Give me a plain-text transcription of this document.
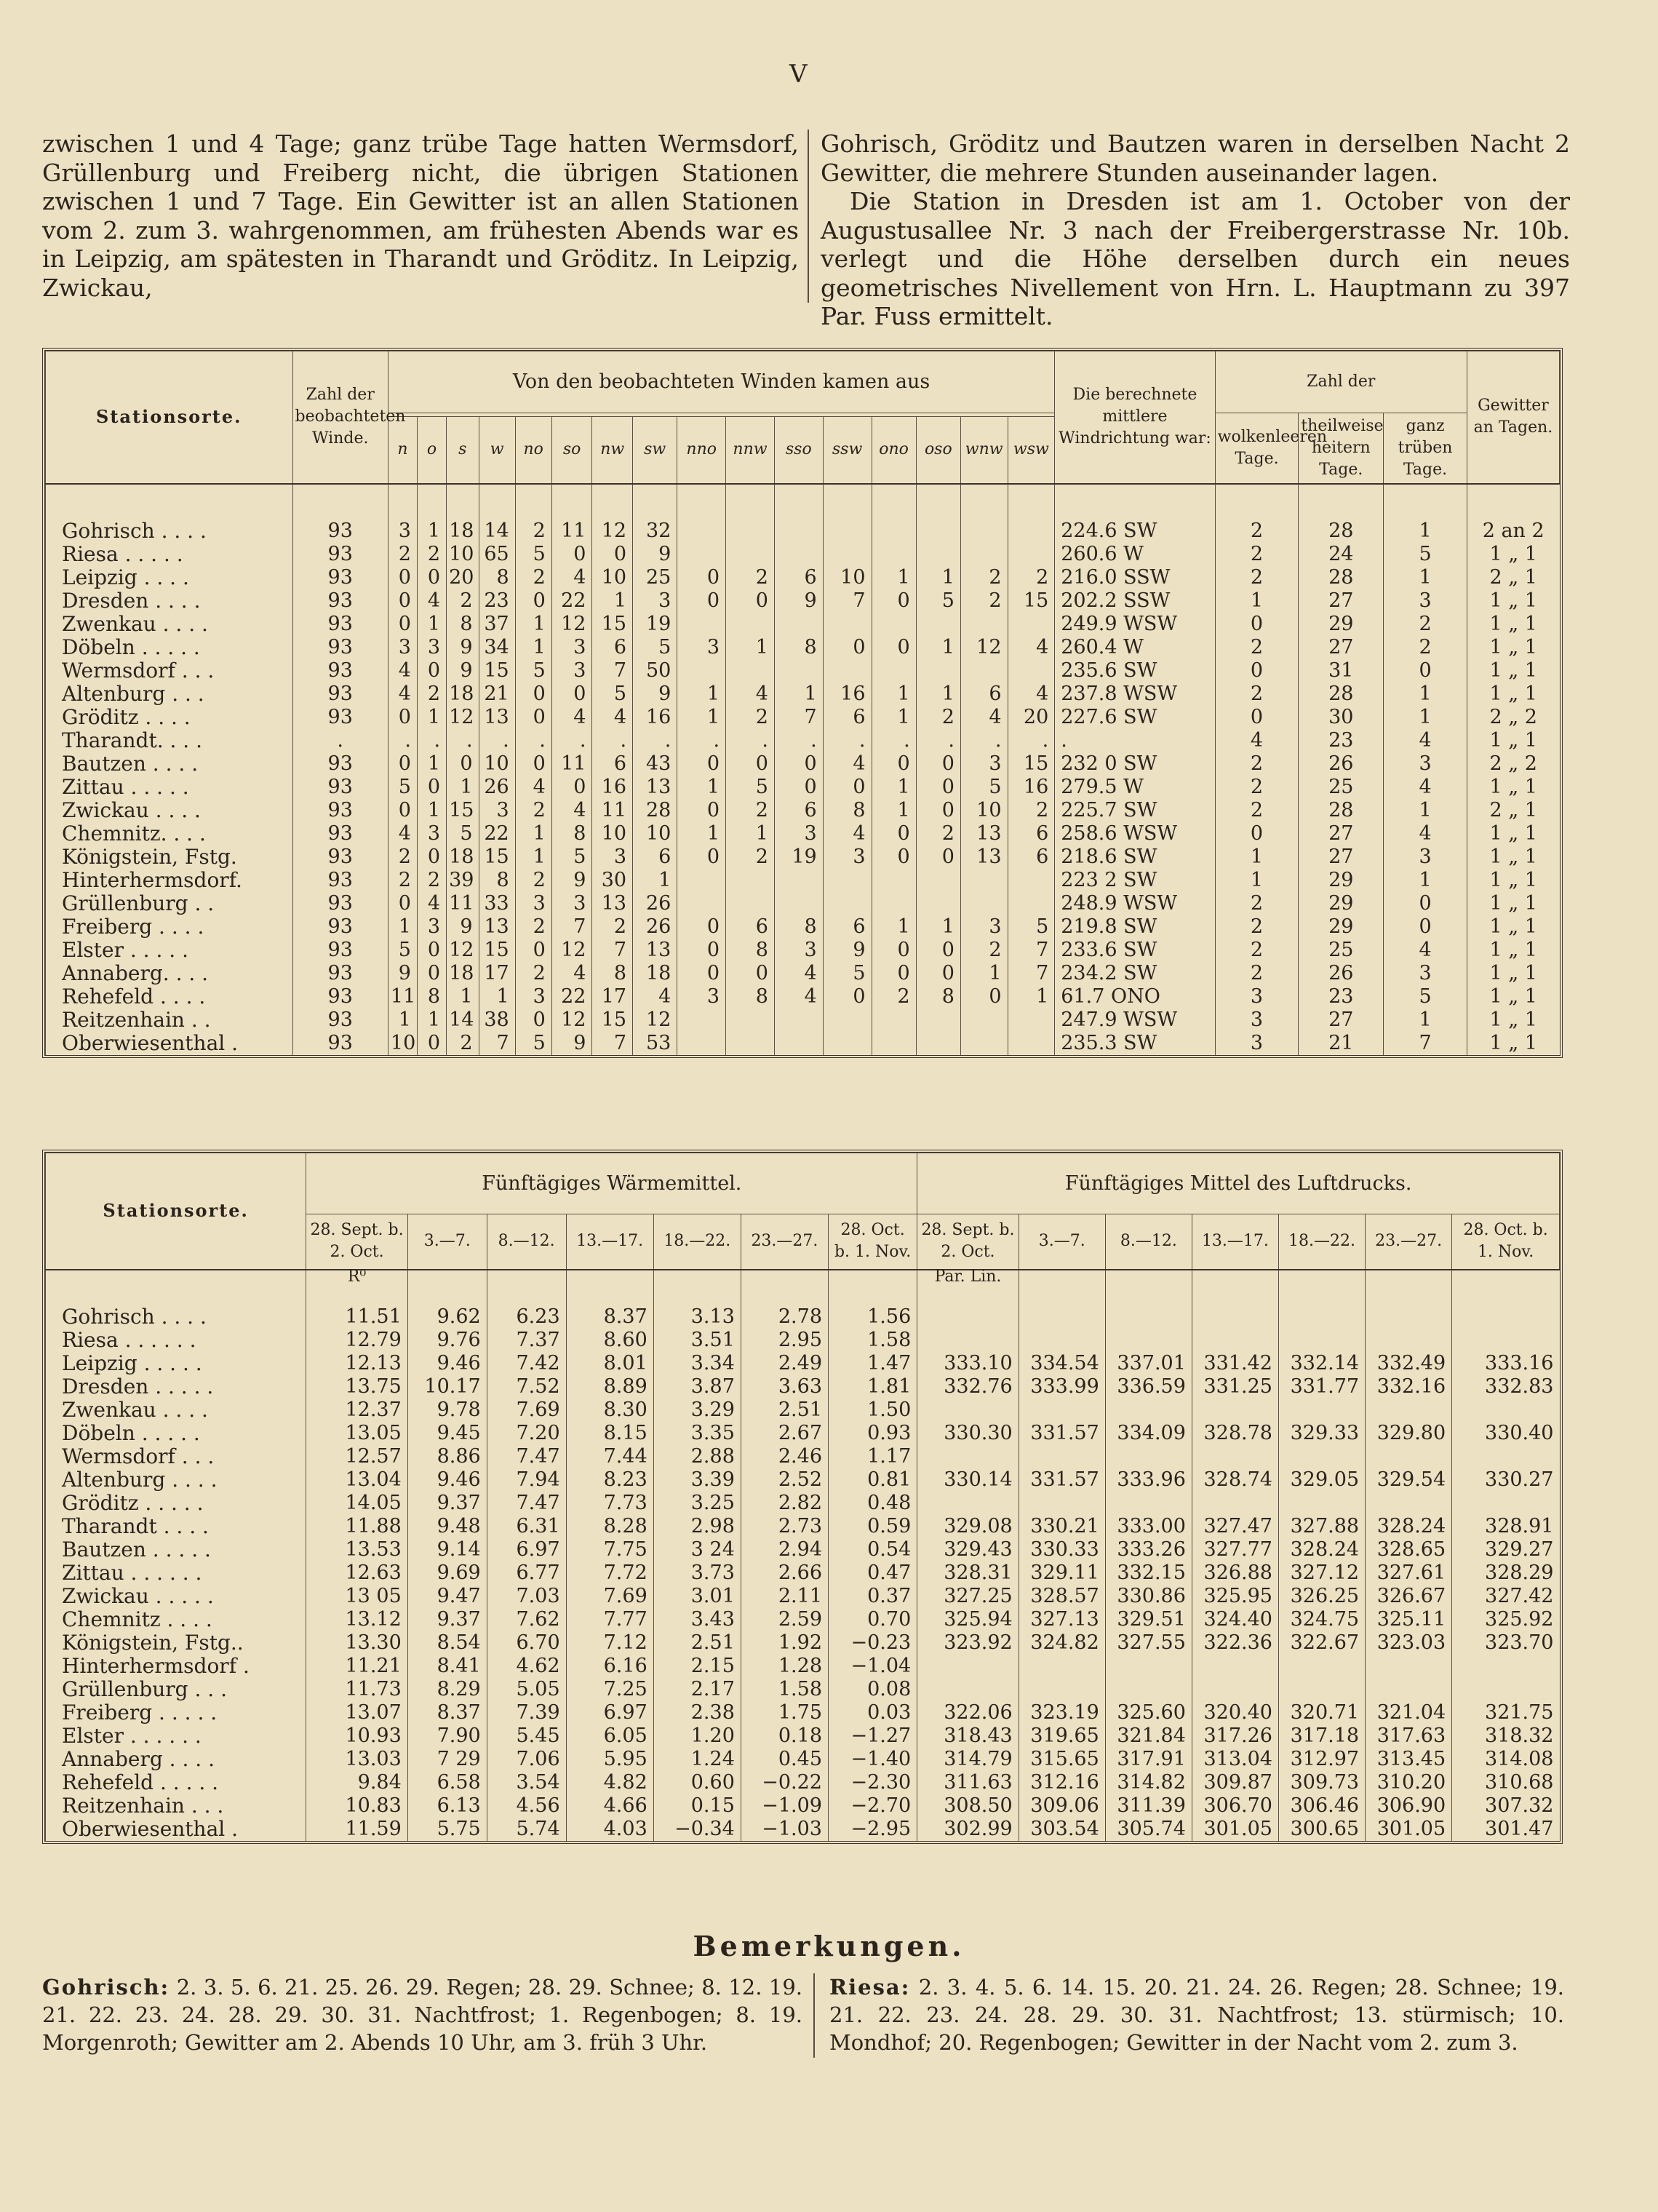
V

zwischen 1 und 4 Tage; ganz trübe Tage hatten Wermsdorf, Grüllenburg und Freiberg nicht, die übrigen Stationen zwischen 1 und 7 Tage. Ein Gewitter ist an allen Stationen vom 2. zum 3. wahrgenommen, am frühesten Abends war es in Leipzig, am spätesten in Tharandt und Gröditz. In Leipzig, Zwickau,

Gohrisch, Gröditz und Bautzen waren in derselben Nacht 2 Gewitter, die mehrere Stunden auseinander lagen.

Die Station in Dresden ist am 1. October von der Augustusallee Nr. 3 nach der Freibergerstrasse Nr. 10b. verlegt und die Höhe derselben durch ein neues geometrisches Nivellement von Hrn. L. Hauptmann zu 397 Par. Fuss ermittelt.

Stationsorte.	Zahl der beobachteten Winde.	Von den beobachteten Winden kamen aus																Die berechnete mittlere Windrichtung war:	Zahl der			Gewitter an Tagen.
																			wolkenleeren Tage.	theilweise heitern Tage.	ganz trüben Tage.	
		n	o	s	w	no	so	nw	sw	nno	nnw	sso	ssw	ono	oso	wnw	wsw					

Gohrisch . . . .	93	3	1	18	14	2	11	12	32									224.6 SW	2	28	1	2 an 2
Riesa . . . . .	93	2	2	10	65	5	0	0	9									260.6 W	2	24	5	1 „ 1
Leipzig . . . .	93	0	0	20	8	2	4	10	25	0	2	6	10	1	1	2	2	216.0 SSW	2	28	1	2 „ 1
Dresden . . . .	93	0	4	2	23	0	22	1	3	0	0	9	7	0	5	2	15	202.2 SSW	1	27	3	1 „ 1
Zwenkau . . . .	93	0	1	8	37	1	12	15	19									249.9 WSW	0	29	2	1 „ 1
Döbeln . . . . .	93	3	3	9	34	1	3	6	5	3	1	8	0	0	1	12	4	260.4 W	2	27	2	1 „ 1
Wermsdorf . . .	93	4	0	9	15	5	3	7	50									235.6 SW	0	31	0	1 „ 1
Altenburg . . .	93	4	2	18	21	0	0	5	9	1	4	1	16	1	1	6	4	237.8 WSW	2	28	1	1 „ 1
Gröditz . . . .	93	0	1	12	13	0	4	4	16	1	2	7	6	1	2	4	20	227.6 SW	0	30	1	2 „ 2
Tharandt. . . .	.	.	.	.	.	.	.	.	.	.	.	.	.	.	.	.	.	.	4	23	4	1 „ 1
Bautzen . . . .	93	0	1	0	10	0	11	6	43	0	0	0	4	0	0	3	15	232 0 SW	2	26	3	2 „ 2
Zittau . . . . .	93	5	0	1	26	4	0	16	13	1	5	0	0	1	0	5	16	279.5 W	2	25	4	1 „ 1
Zwickau . . . .	93	0	1	15	3	2	4	11	28	0	2	6	8	1	0	10	2	225.7 SW	2	28	1	2 „ 1
Chemnitz. . . .	93	4	3	5	22	1	8	10	10	1	1	3	4	0	2	13	6	258.6 WSW	0	27	4	1 „ 1
Königstein, Fstg.	93	2	0	18	15	1	5	3	6	0	2	19	3	0	0	13	6	218.6 SW	1	27	3	1 „ 1
Hinterhermsdorf.	93	2	2	39	8	2	9	30	1									223 2 SW	1	29	1	1 „ 1
Grüllenburg . .	93	0	4	11	33	3	3	13	26									248.9 WSW	2	29	0	1 „ 1
Freiberg . . . .	93	1	3	9	13	2	7	2	26	0	6	8	6	1	1	3	5	219.8 SW	2	29	0	1 „ 1
Elster . . . . .	93	5	0	12	15	0	12	7	13	0	8	3	9	0	0	2	7	233.6 SW	2	25	4	1 „ 1
Annaberg. . . .	93	9	0	18	17	2	4	8	18	0	0	4	5	0	0	1	7	234.2 SW	2	26	3	1 „ 1
Rehefeld . . . .	93	11	8	1	1	3	22	17	4	3	8	4	0	2	8	0	1	61.7 ONO	3	23	5	1 „ 1
Reitzenhain . .	93	1	1	14	38	0	12	15	12									247.9 WSW	3	27	1	1 „ 1
Oberwiesenthal .	93	10	0	2	7	5	9	7	53									235.3 SW	3	21	7	1 „ 1
Stationsorte.	Fünftägiges Wärmemittel.							Fünftägiges Mittel des Luftdrucks.						
	28. Sept. b. 2. Oct.	3.—7.	8.—12.	13.—17.	18.—22.	23.—27.	28. Oct. b. 1. Nov.	28. Sept. b. 2. Oct.	3.—7.	8.—12.	13.—17.	18.—22.	23.—27.	28. Oct. b. 1. Nov.
	R⁰							Par. Lin.						
Gohrisch . . . .	11.51	9.62	6.23	8.37	3.13	2.78	1.56							
Riesa . . . . . .	12.79	9.76	7.37	8.60	3.51	2.95	1.58							
Leipzig . . . . .	12.13	9.46	7.42	8.01	3.34	2.49	1.47	333.10	334.54	337.01	331.42	332.14	332.49	333.16
Dresden . . . . .	13.75	10.17	7.52	8.89	3.87	3.63	1.81	332.76	333.99	336.59	331.25	331.77	332.16	332.83
Zwenkau . . . .	12.37	9.78	7.69	8.30	3.29	2.51	1.50							
Döbeln . . . . .	13.05	9.45	7.20	8.15	3.35	2.67	0.93	330.30	331.57	334.09	328.78	329.33	329.80	330.40
Wermsdorf . . .	12.57	8.86	7.47	7.44	2.88	2.46	1.17							
Altenburg . . . .	13.04	9.46	7.94	8.23	3.39	2.52	0.81	330.14	331.57	333.96	328.74	329.05	329.54	330.27
Gröditz . . . . .	14.05	9.37	7.47	7.73	3.25	2.82	0.48							
Tharandt . . . .	11.88	9.48	6.31	8.28	2.98	2.73	0.59	329.08	330.21	333.00	327.47	327.88	328.24	328.91
Bautzen . . . . .	13.53	9.14	6.97	7.75	3 24	2.94	0.54	329.43	330.33	333.26	327.77	328.24	328.65	329.27
Zittau . . . . . .	12.63	9.69	6.77	7.72	3.73	2.66	0.47	328.31	329.11	332.15	326.88	327.12	327.61	328.29
Zwickau . . . . .	13 05	9.47	7.03	7.69	3.01	2.11	0.37	327.25	328.57	330.86	325.95	326.25	326.67	327.42
Chemnitz . . . .	13.12	9.37	7.62	7.77	3.43	2.59	0.70	325.94	327.13	329.51	324.40	324.75	325.11	325.92
Königstein, Fstg..	13.30	8.54	6.70	7.12	2.51	1.92	−0.23	323.92	324.82	327.55	322.36	322.67	323.03	323.70
Hinterhermsdorf .	11.21	8.41	4.62	6.16	2.15	1.28	−1.04							
Grüllenburg . . .	11.73	8.29	5.05	7.25	2.17	1.58	0.08							
Freiberg . . . . .	13.07	8.37	7.39	6.97	2.38	1.75	0.03	322.06	323.19	325.60	320.40	320.71	321.04	321.75
Elster . . . . . .	10.93	7.90	5.45	6.05	1.20	0.18	−1.27	318.43	319.65	321.84	317.26	317.18	317.63	318.32
Annaberg . . . .	13.03	7 29	7.06	5.95	1.24	0.45	−1.40	314.79	315.65	317.91	313.04	312.97	313.45	314.08
Rehefeld . . . . .	9.84	6.58	3.54	4.82	0.60	−0.22	−2.30	311.63	312.16	314.82	309.87	309.73	310.20	310.68
Reitzenhain . . .	10.83	6.13	4.56	4.66	0.15	−1.09	−2.70	308.50	309.06	311.39	306.70	306.46	306.90	307.32
Oberwiesenthal .	11.59	5.75	5.74	4.03	−0.34	−1.03	−2.95	302.99	303.54	305.74	301.05	300.65	301.05	301.47
Bemerkungen.
Gohrisch: 2. 3. 5. 6. 21. 25. 26. 29. Regen; 28. 29. Schnee; 8. 12. 19. 21. 22. 23. 24. 28. 29. 30. 31. Nachtfrost; 1. Regenbogen; 8. 19. Morgenroth; Gewitter am 2. Abends 10 Uhr, am 3. früh 3 Uhr.
Riesa: 2. 3. 4. 5. 6. 14. 15. 20. 21. 24. 26. Regen; 28. Schnee; 19. 21. 22. 23. 24. 28. 29. 30. 31. Nachtfrost; 13. stürmisch; 10. Mondhof; 20. Regenbogen; Gewitter in der Nacht vom 2. zum 3.
